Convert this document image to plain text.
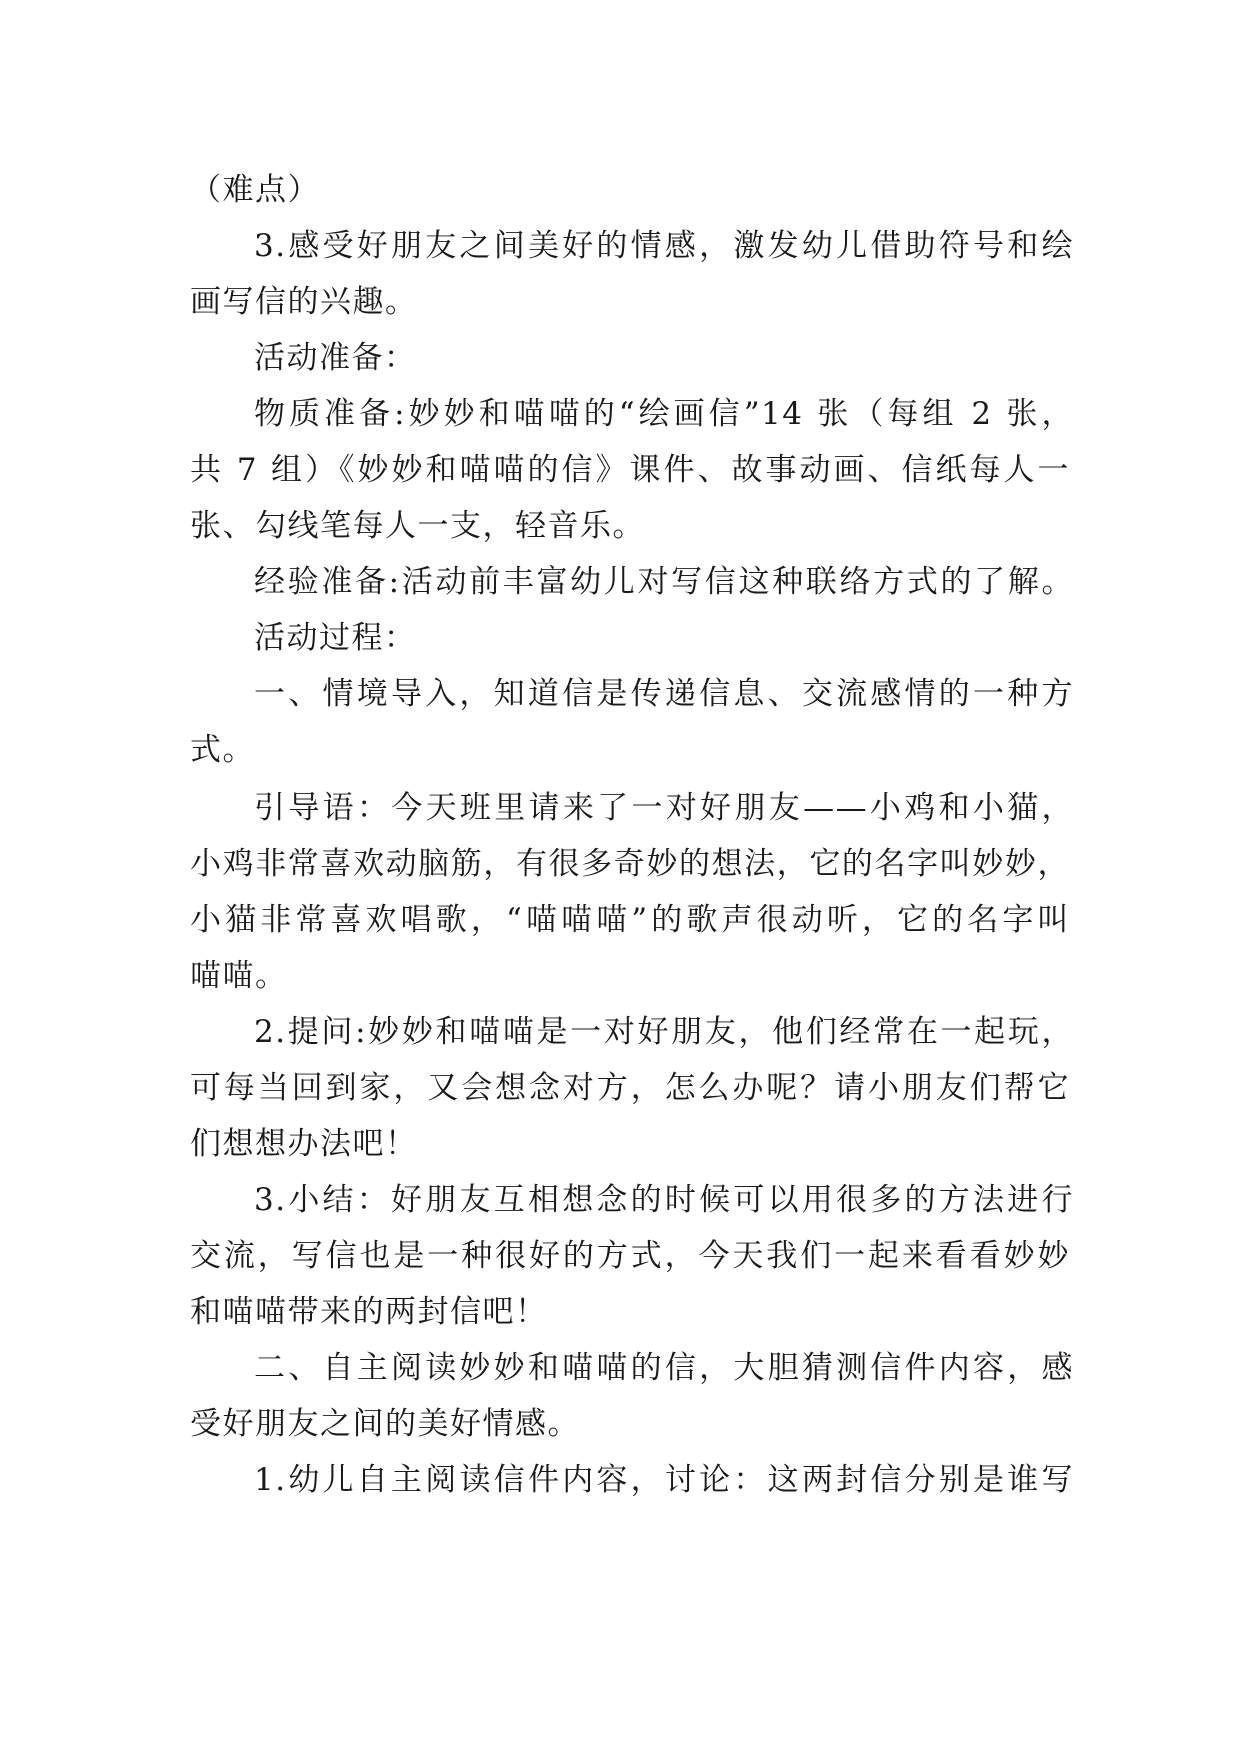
（难点）
3.感受好朋友之间美好的情感，激发幼儿借助符号和绘
画写信的兴趣。
活动准备：
物质准备:妙妙和喵喵的“绘画信”14 张（每组 2 张，
共 7 组）《妙妙和喵喵的信》课件、故事动画、信纸每人一
张、勾线笔每人一支，轻音乐。
经验准备:活动前丰富幼儿对写信这种联络方式的了解。
活动过程：
一、情境导入，知道信是传递信息、交流感情的一种方
式。
引导语：今天班里请来了一对好朋友——小鸡和小猫，
小鸡非常喜欢动脑筋，有很多奇妙的想法，它的名字叫妙妙，
小猫非常喜欢唱歌，“喵喵喵”的歌声很动听，它的名字叫
喵喵。
2.提问:妙妙和喵喵是一对好朋友，他们经常在一起玩，
可每当回到家，又会想念对方，怎么办呢？请小朋友们帮它
们想想办法吧！
3.小结：好朋友互相想念的时候可以用很多的方法进行
交流，写信也是一种很好的方式，今天我们一起来看看妙妙
和喵喵带来的两封信吧！
二、自主阅读妙妙和喵喵的信，大胆猜测信件内容，感
受好朋友之间的美好情感。
1.幼儿自主阅读信件内容，讨论：这两封信分别是谁写
